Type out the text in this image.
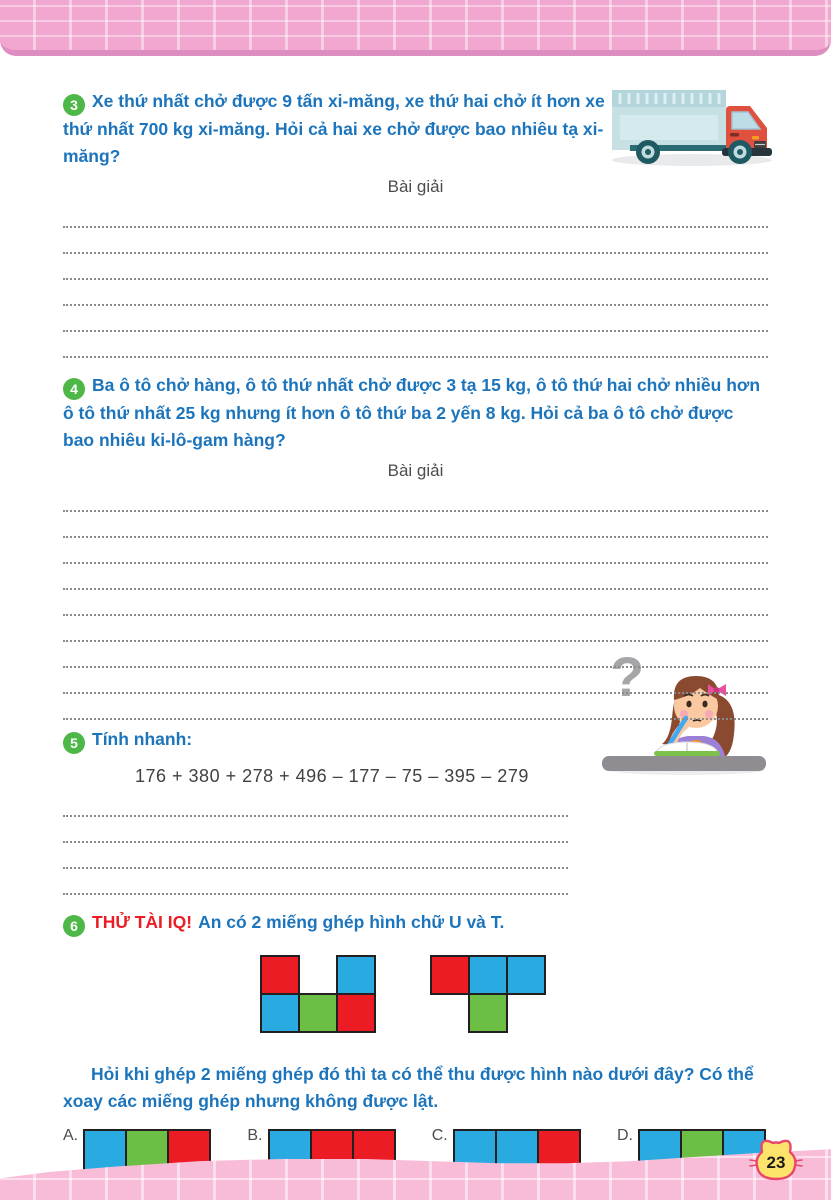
?

3 Xe thứ nhất chở được 9 tấn xi-măng, xe thứ hai chở ít hơn xe thứ nhất 700 kg xi-măng. Hỏi cả hai xe chở được bao nhiêu tạ xi-măng?

Bài giải

4 Ba ô tô chở hàng, ô tô thứ nhất chở được 3 tạ 15 kg, ô tô thứ hai chở nhiều hơn ô tô thứ nhất 25 kg nhưng ít hơn ô tô thứ ba 2 yến 8 kg. Hỏi cả ba ô tô chở được bao nhiêu ki-lô-gam hàng?

Bài giải

5 Tính nhanh:

176 + 380 + 278 + 496 – 177 – 75 – 395 – 279

6 THỬ TÀI IQ! An có 2 miếng ghép hình chữ U và T.

Hỏi khi ghép 2 miếng ghép đó thì ta có thể thu được hình nào dưới đây? Có thể xoay các miếng ghép nhưng không được lật.

A.	B.	C.	D.
23
